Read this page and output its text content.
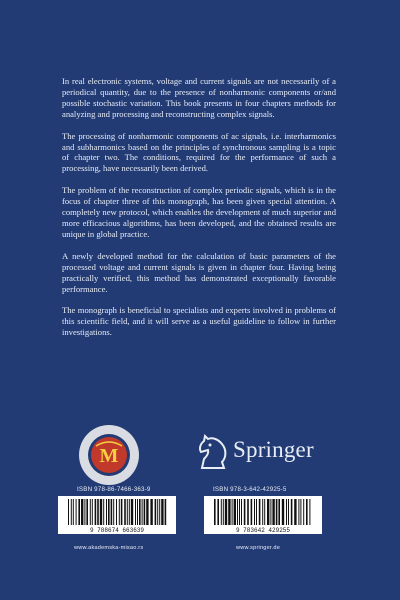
In real electronic systems, voltage and current signals are not necessarily of a periodical quantity, due to the presence of nonharmonic components or/and possible stochastic variation. This book presents in four chapters methods for analyzing and processing and reconstructing complex signals.

The processing of nonharmonic components of ac signals, i.e. interharmonics and subharmonics based on the principles of synchronous sampling is a topic of chapter two. The conditions, required for the performance of such a processing, have necessarily been derived.

The problem of the reconstruction of complex periodic signals, which is in the focus of chapter three of this monograph, has been given special attention. A completely new protocol, which enables the development of much superior and more efficacious algorithms, has been developed, and the obtained results are unique in global practice.

A newly developed method for the calculation of basic parameters of the processed voltage and current signals is given in chapter four. Having being practically verified, this method has demonstrated exceptionally favorable performance.

The monograph is beneficial to specialists and experts involved in problems of this scientific field, and it will serve as a useful guideline to follow in further investigations.

M	Springer
ISBN 978-86-7466-363-9
9 788674 663639
www.akademska-misao.rs
ISBN 978-3-642-42925-5
9 783642 429255
www.springer.de
